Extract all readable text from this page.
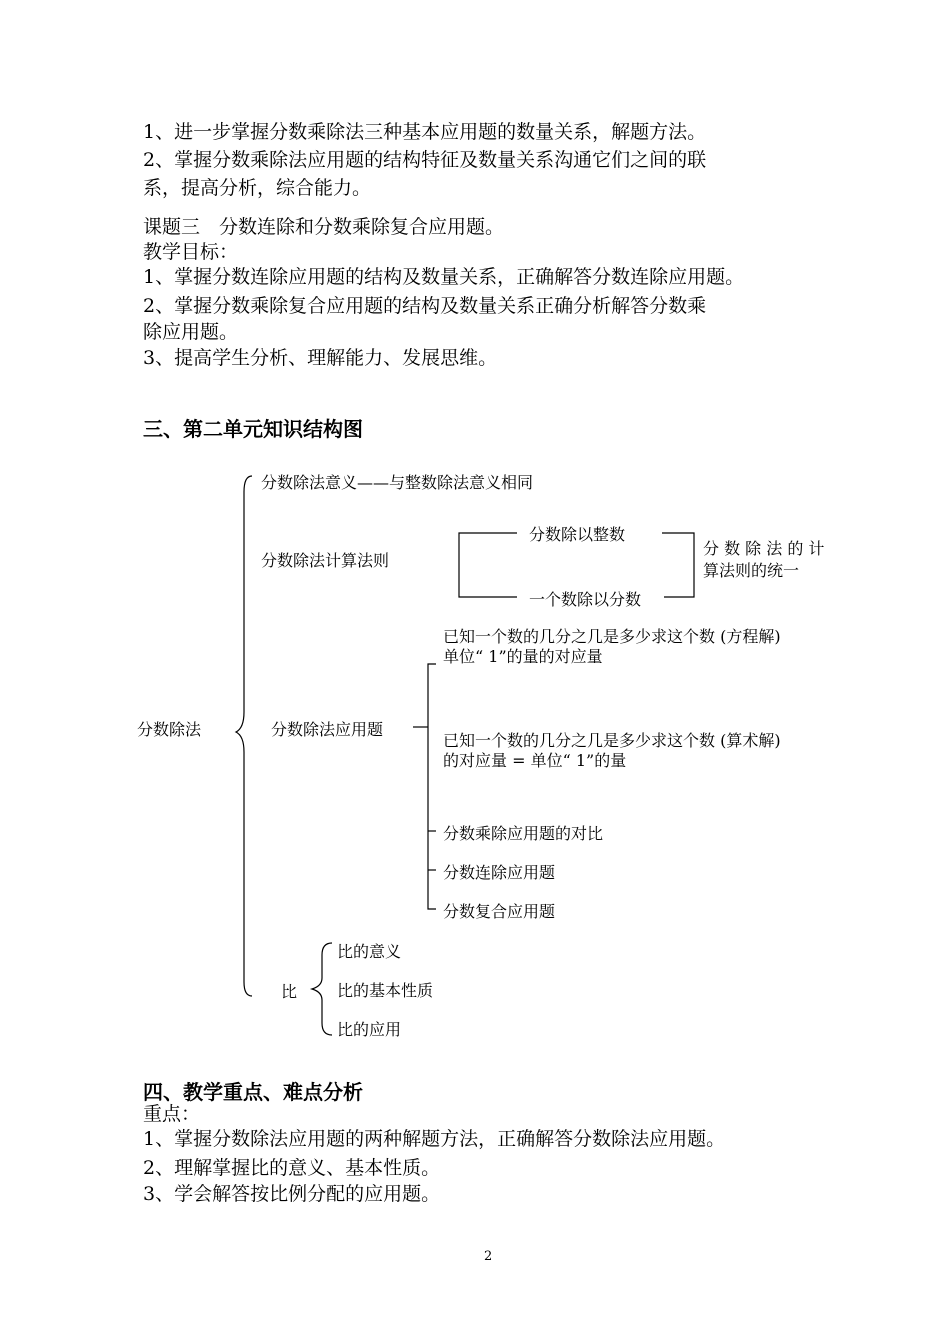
1、进一步掌握分数乘除法三种基本应用题的数量关系，解题方法。
2、掌握分数乘除法应用题的结构特征及数量关系沟通它们之间的联
系，提高分析，综合能力。
课题三　分数连除和分数乘除复合应用题。
教学目标：
1、掌握分数连除应用题的结构及数量关系，正确解答分数连除应用题。
2、掌握分数乘除复合应用题的结构及数量关系正确分析解答分数乘
除应用题。
3、提高学生分析、理解能力、发展思维。
三、第二单元知识结构图
分数除法
分数除法意义——与整数除法意义相同
分数除法计算法则
分数除以整数
一个数除以分数
分 数 除 法 的 计
算法则的统一
分数除法应用题
已知一个数的几分之几是多少求这个数 (方程解)
单位“ 1”的量的对应量
已知一个数的几分之几是多少求这个数 (算术解)
的对应量 = 单位“ 1”的量
分数乘除应用题的对比
分数连除应用题
分数复合应用题
比
比的意义
比的基本性质
比的应用
四、教学重点、难点分析
重点：
1、掌握分数除法应用题的两种解题方法，正确解答分数除法应用题。
2、理解掌握比的意义、基本性质。
3、学会解答按比例分配的应用题。
2
